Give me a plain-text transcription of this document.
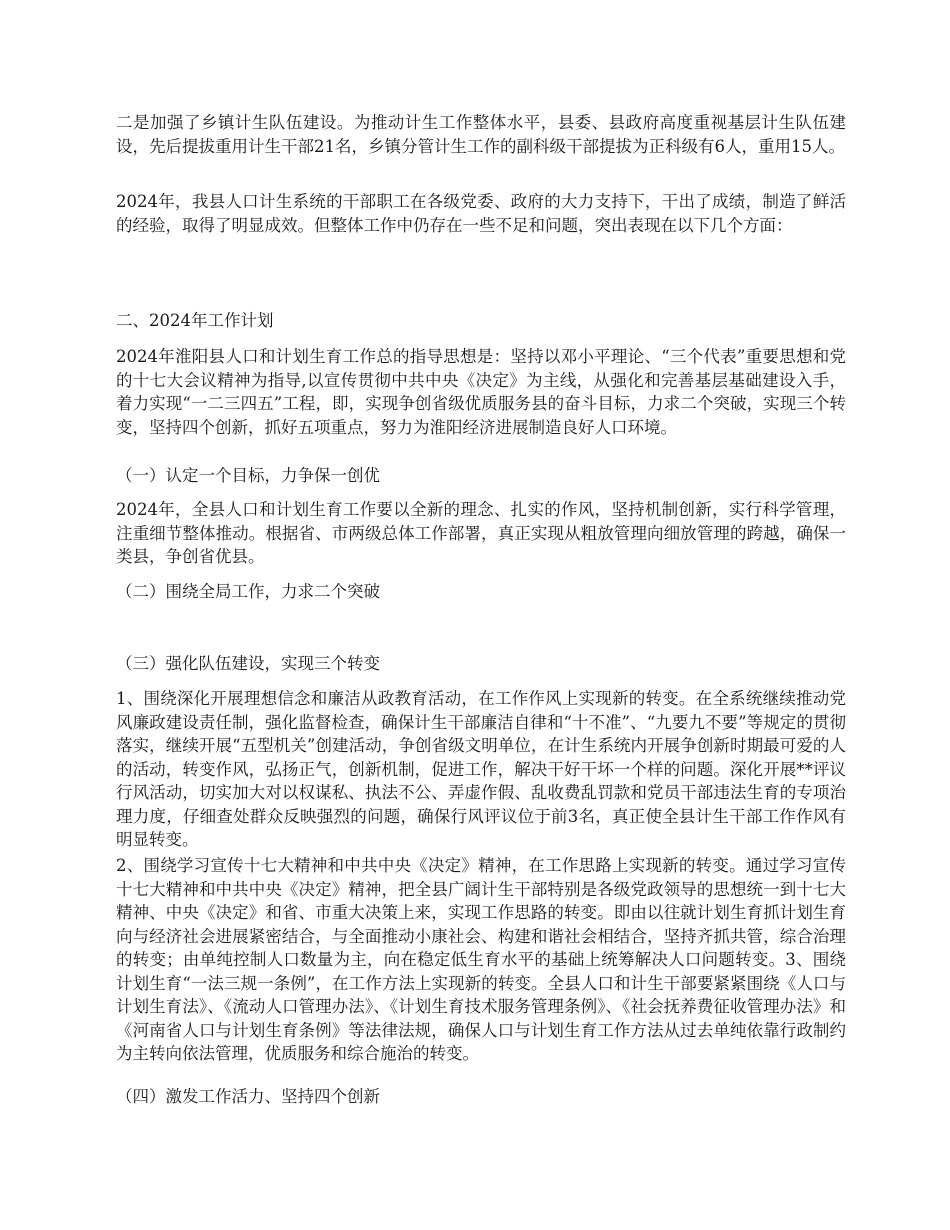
二是加强了乡镇计生队伍建设。为推动计生工作整体水平，县委、县政府高度重视基层计生队伍建设，先后提拔重用计生干部21名，乡镇分管计生工作的副科级干部提拔为正科级有6人，重用15人。

2024年，我县人口计生系统的干部职工在各级党委、政府的大力支持下，干出了成绩，制造了鲜活的经验，取得了明显成效。但整体工作中仍存在一些不足和问题，突出表现在以下几个方面：

二、2024年工作计划

2024年淮阳县人口和计划生育工作总的指导思想是：坚持以邓小平理论、“三个代表”重要思想和党的十七大会议精神为指导,以宣传贯彻中共中央《决定》为主线，从强化和完善基层基础建设入手，着力实现“一二三四五”工程，即，实现争创省级优质服务县的奋斗目标，力求二个突破，实现三个转变，坚持四个创新，抓好五项重点，努力为淮阳经济进展制造良好人口环境。

（一）认定一个目标，力争保一创优

2024年，全县人口和计划生育工作要以全新的理念、扎实的作风，坚持机制创新，实行科学管理，注重细节整体推动。根据省、市两级总体工作部署，真正实现从粗放管理向细放管理的跨越，确保一类县，争创省优县。

（二）围绕全局工作，力求二个突破

（三）强化队伍建设，实现三个转变

1、围绕深化开展理想信念和廉洁从政教育活动，在工作作风上实现新的转变。在全系统继续推动党风廉政建设责任制，强化监督检查，确保计生干部廉洁自律和“十不准”、“九要九不要”等规定的贯彻落实，继续开展“五型机关”创建活动，争创省级文明单位，在计生系统内开展争创新时期最可爱的人的活动，转变作风，弘扬正气，创新机制，促进工作，解决干好干坏一个样的问题。深化开展**评议行风活动，切实加大对以权谋私、执法不公、弄虚作假、乱收费乱罚款和党员干部违法生育的专项治理力度，仔细查处群众反映强烈的问题，确保行风评议位于前3名，真正使全县计生干部工作作风有明显转变。

2、围绕学习宣传十七大精神和中共中央《决定》精神，在工作思路上实现新的转变。通过学习宣传十七大精神和中共中央《决定》精神，把全县广阔计生干部特别是各级党政领导的思想统一到十七大精神、中央《决定》和省、市重大决策上来，实现工作思路的转变。即由以往就计划生育抓计划生育向与经济社会进展紧密结合，与全面推动小康社会、构建和谐社会相结合，坚持齐抓共管，综合治理的转变；由单纯控制人口数量为主，向在稳定低生育水平的基础上统筹解决人口问题转变。3、围绕计划生育“一法三规一条例”，在工作方法上实现新的转变。全县人口和计生干部要紧紧围绕《人口与计划生育法》、《流动人口管理办法》、《计划生育技术服务管理条例》、《社会抚养费征收管理办法》和《河南省人口与计划生育条例》等法律法规，确保人口与计划生育工作方法从过去单纯依靠行政制约为主转向依法管理，优质服务和综合施治的转变。

（四）激发工作活力、坚持四个创新
